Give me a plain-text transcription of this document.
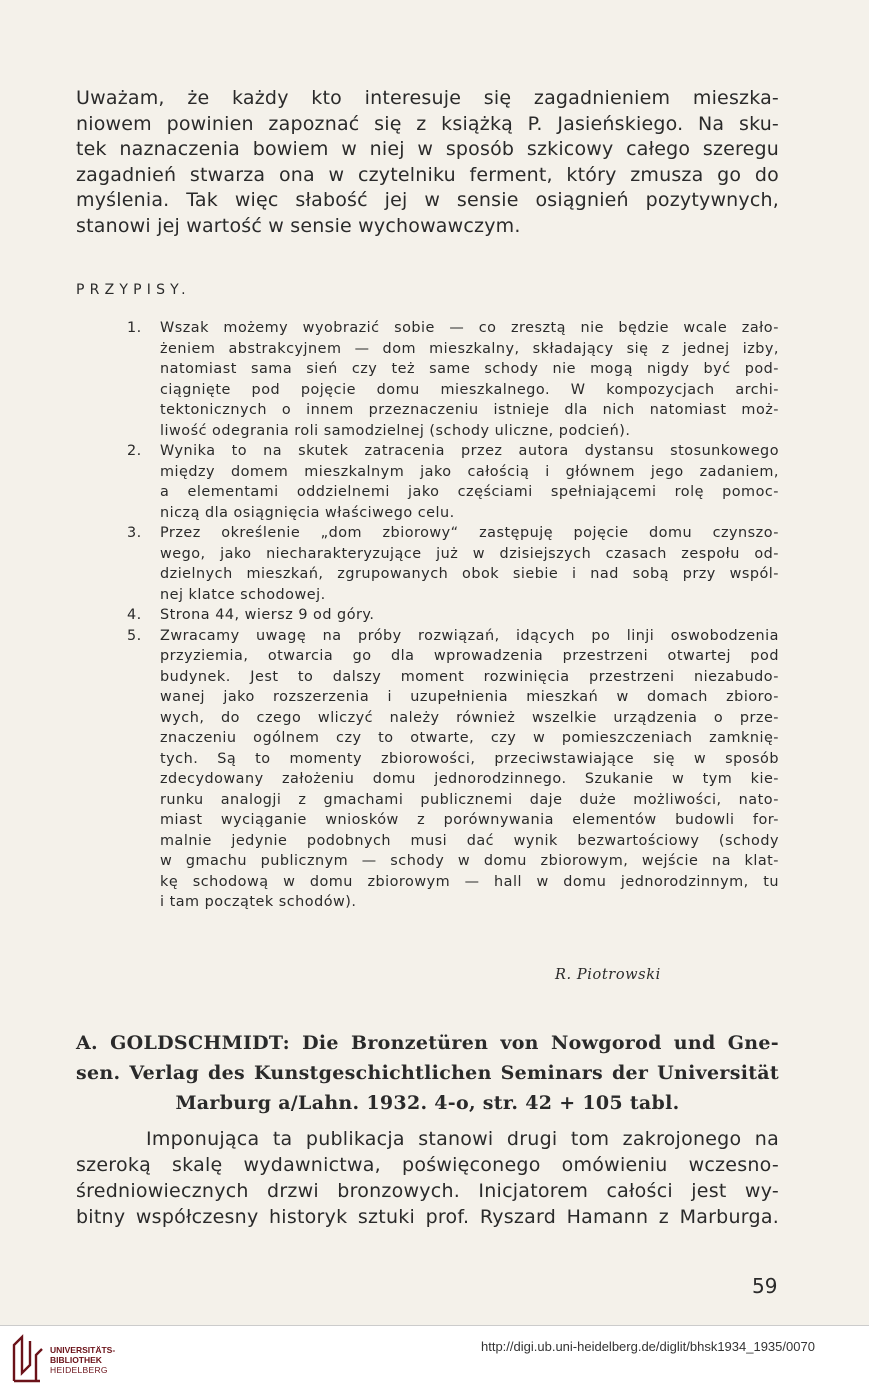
Uważam, że każdy kto interesuje się zagadnieniem mieszka-
niowem powinien zapoznać się z książką P. Jasieńskiego. Na sku-
tek naznaczenia bowiem w niej w sposób szkicowy całego szeregu
zagadnień stwarza ona w czytelniku ferment, który zmusza go do
myślenia. Tak więc słabość jej w sensie osiągnień pozytywnych,
stanowi jej wartość w sensie wychowawczym.
PRZYPISY.
1.	Wszak możemy wyobrazić sobie — co zresztą nie będzie wcale zało-
żeniem abstrakcyjnem — dom mieszkalny, składający się z jednej izby,
natomiast sama sień czy też same schody nie mogą nigdy być pod-
ciągnięte pod pojęcie domu mieszkalnego. W kompozycjach archi-
tektonicznych o innem przeznaczeniu istnieje dla nich natomiast moż-
liwość odegrania roli samodzielnej (schody uliczne, podcień).
2.	Wynika to na skutek zatracenia przez autora dystansu stosunkowego
między domem mieszkalnym jako całością i głównem jego zadaniem,
a elementami oddzielnemi jako częściami spełniającemi rolę pomoc-
niczą dla osiągnięcia właściwego celu.
3.	Przez określenie „dom zbiorowy“ zastępuję pojęcie domu czynszo-
wego, jako niecharakteryzujące już w dzisiejszych czasach zespołu od-
dzielnych mieszkań, zgrupowanych obok siebie i nad sobą przy wspól-
nej klatce schodowej.
4.	Strona 44, wiersz 9 od góry.
5.	Zwracamy uwagę na próby rozwiązań, idących po linji oswobodzenia
przyziemia, otwarcia go dla wprowadzenia przestrzeni otwartej pod
budynek. Jest to dalszy moment rozwinięcia przestrzeni niezabudo-
wanej jako rozszerzenia i uzupełnienia mieszkań w domach zbioro-
wych, do czego wliczyć należy również wszelkie urządzenia o prze-
znaczeniu ogólnem czy to otwarte, czy w pomieszczeniach zamknię-
tych. Są to momenty zbiorowości, przeciwstawiające się w sposób
zdecydowany założeniu domu jednorodzinnego. Szukanie w tym kie-
runku analogji z gmachami publicznemi daje duże możliwości, nato-
miast wyciąganie wniosków z porównywania elementów budowli for-
malnie jedynie podobnych musi dać wynik bezwartościowy (schody
w gmachu publicznym — schody w domu zbiorowym, wejście na klat-
kę schodową w domu zbiorowym — hall w domu jednorodzinnym, tu
i tam początek schodów).
R. Piotrowski
A. GOLDSCHMIDT: Die Bronzetüren von Nowgorod und Gne-
sen. Verlag des Kunstgeschichtlichen Seminars der Universität
Marburg a/Lahn. 1932. 4-o, str. 42 + 105 tabl.
Imponująca ta publikacja stanowi drugi tom zakrojonego na
szeroką skalę wydawnictwa, poświęconego omówieniu wczesno-
średniowiecznych drzwi bronzowych. Inicjatorem całości jest wy-
bitny współczesny historyk sztuki prof. Ryszard Hamann z Marburga.
59
UNIVERSITÄTS-
BIBLIOTHEK
HEIDELBERG
http://digi.ub.uni-heidelberg.de/diglit/bhsk1934_1935/0070
